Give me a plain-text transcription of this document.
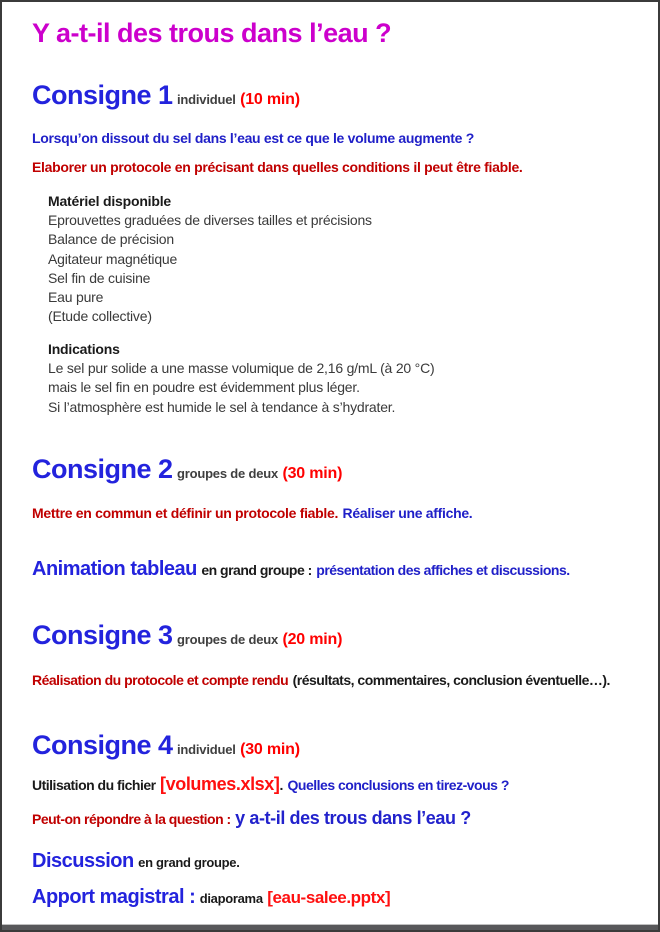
Y a-t-il des trous dans l’eau ?
Consigne 1 individuel (10 min)
Lorsqu’on dissout du sel dans l’eau est ce que le volume augmente ?
Elaborer un protocole en précisant dans quelles conditions il peut être fiable.
Matériel disponible
Eprouvettes graduées de diverses tailles et précisions
Balance de précision
Agitateur magnétique
Sel fin de cuisine
Eau pure
(Etude collective)
Indications
Le sel pur solide a une masse volumique de 2,16 g/mL (à 20 °C)
mais le sel fin en poudre est évidemment plus léger.
Si l’atmosphère est humide le sel à tendance à s’hydrater.
Consigne 2 groupes de deux (30 min)
Mettre en commun et définir un protocole fiable. Réaliser une affiche.
Animation tableau en grand groupe : présentation des affiches et discussions.
Consigne 3 groupes de deux (20 min)
Réalisation du protocole et compte rendu (résultats, commentaires, conclusion éventuelle…).
Consigne 4 individuel (30 min)
Utilisation du fichier [volumes.xlsx]. Quelles conclusions en tirez-vous ?
Peut-on répondre à la question : y a-t-il des trous dans l’eau ?
Discussion en grand groupe.
Apport magistral : diaporama [eau-salee.pptx]
